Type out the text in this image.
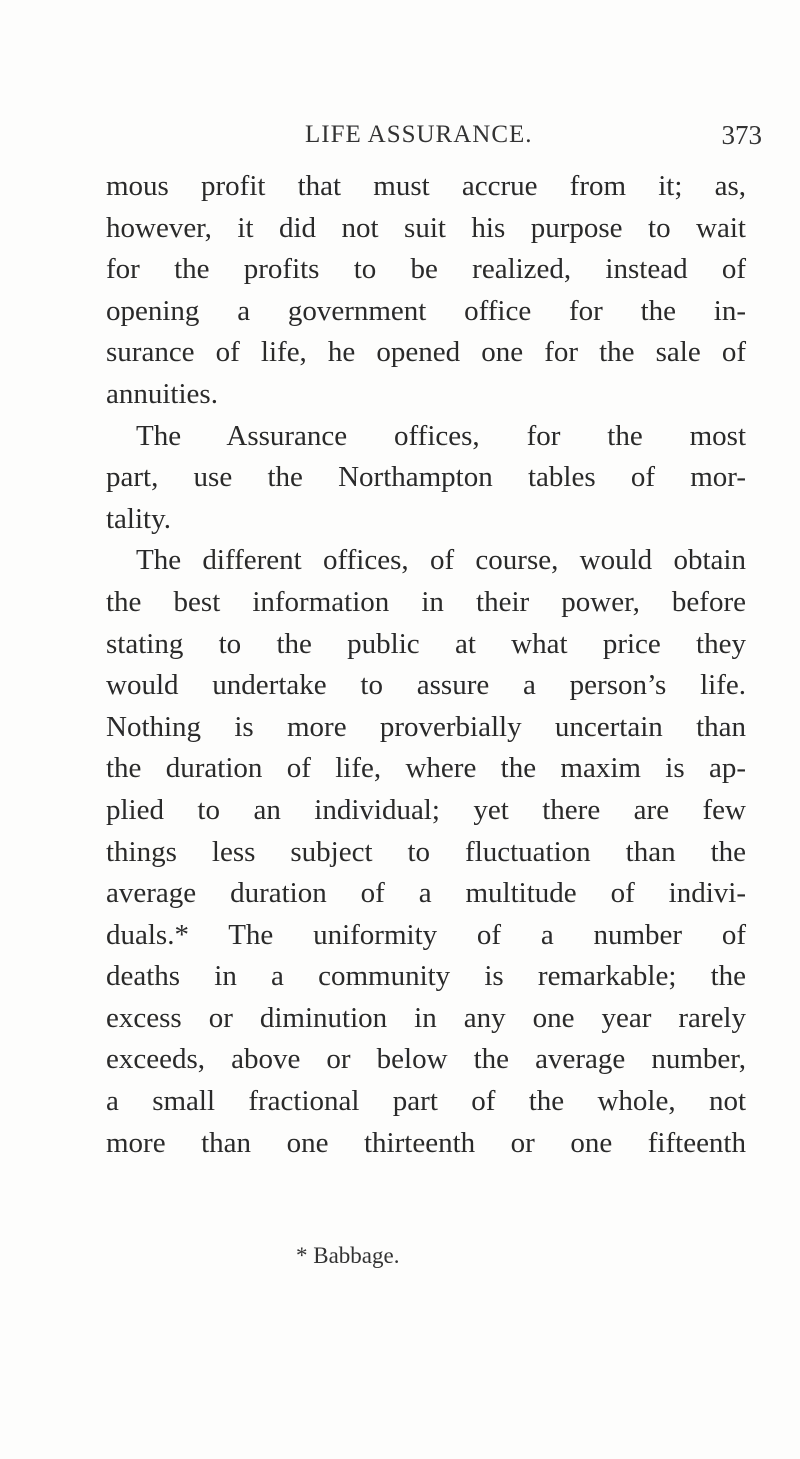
LIFE ASSURANCE.	373
mous profit that must accrue from it; as,
however, it did not suit his purpose to wait
for the profits to be realized, instead of
opening a government office for the in-
surance of life, he opened one for the sale of
annuities.
The Assurance offices, for the most
part, use the Northampton tables of mor-
tality.
The different offices, of course, would obtain
the best information in their power, before
stating to the public at what price they
would undertake to assure a person’s life.
Nothing is more proverbially uncertain than
the duration of life, where the maxim is ap-
plied to an individual; yet there are few
things less subject to fluctuation than the
average duration of a multitude of indivi-
duals.* The uniformity of a number of
deaths in a community is remarkable; the
excess or diminution in any one year rarely
exceeds, above or below the average number,
a small fractional part of the whole, not
more than one thirteenth or one fifteenth
* Babbage.
